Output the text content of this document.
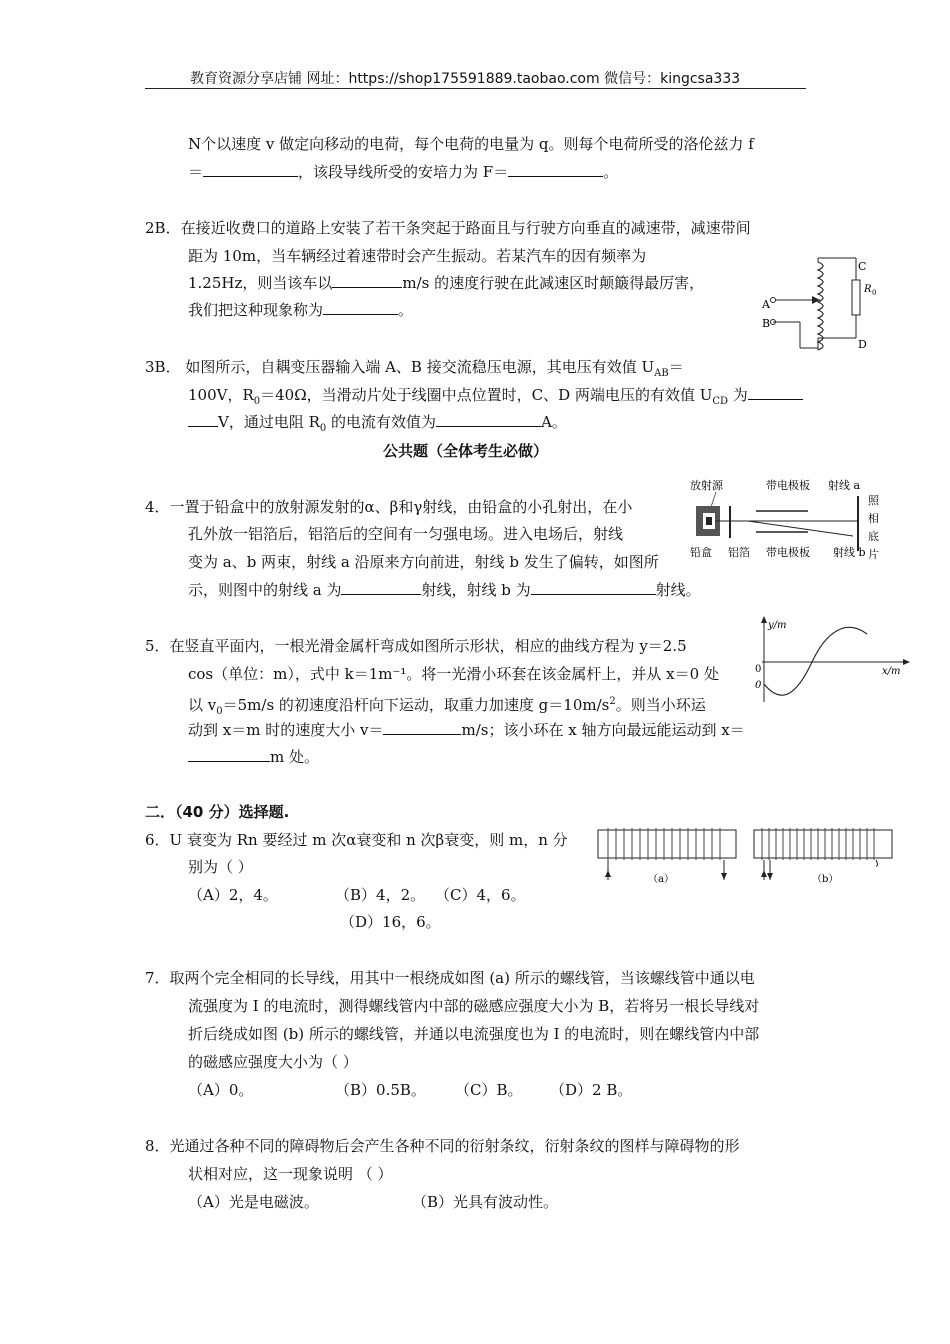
教育资源分享店铺 网址：https://shop175591889.taobao.com 微信号：kingcsa333
N个以速度 v 做定向移动的电荷，每个电荷的电量为 q。则每个电荷所受的洛伦兹力 f
＝	，该段导线所受的安培力为 F＝	。
2B．在接近收费口的道路上安装了若干条突起于路面且与行驶方向垂直的减速带，减速带间
距为 10m，当车辆经过着速带时会产生振动。若某汽车的因有频率为
1.25Hz，则当该车以	m/s 的速度行驶在此减速区时颠簸得最厉害，
我们把这种现象称为	。
C
R 0
A
B
D
3B． 如图所示，自耦变压器输入端 A、B 接交流稳压电源，其电压有效值 $U_{AB}=$
100V，$R_0=40\Omega$，当滑动片处于线圈中点位置时，C、D 两端电压的有效值 $U_{CD}$ 为
V，通过电阻 $R_0$ 的电流有效值为	A。
公共题（全体考生必做）
4．一置于铅盒中的放射源发射的α、β和γ射线，由铅盒的小孔射出，在小
孔外放一铝箔后，铝箔后的空间有一匀强电场。进入电场后，射线
变为 a、b 两束，射线 a 沿原来方向前进，射线 b 发生了偏转，如图所
示，则图中的射线 a 为	射线，射线 b 为	射线。
放射源	带电极板 射线 a
铅盒 铝箔 带电极板 射线 b
照
相
底
片
5．在竖直平面内，一根光滑金属杆弯成如图所示形状，相应的曲线方程为 y＝2.5
cos（单位：m），式中 k＝1m⁻¹。将一光滑小环套在该金属杆上，并从 x＝0 处
以 $v_0=5m/s$ 的初速度沿杆向下运动，取重力加速度 $g=10m/s^2$。则当小环运
动到 x＝m 时的速度大小 v＝	m/s；该小环在 x 轴方向最远能运动到 x＝
m 处。
y/m
x/m
0
0
二．（40 分）选择题.
6．U 衰变为 Rn 要经过 m 次α衰变和 n 次β衰变，则 m，n 分
别为（ ）
（A）2，4。	（B）4，2。 （C）4，6。
（D）16，6。
（a）	（b）
7．取两个完全相同的长导线，用其中一根绕成如图 (a) 所示的螺线管，当该螺线管中通以电
流强度为 I 的电流时，测得螺线管内中部的磁感应强度大小为 B，若将另一根长导线对
折后绕成如图 (b) 所示的螺线管，并通以电流强度也为 I 的电流时，则在螺线管内中部
的磁感应强度大小为（ ）
（A）0。	（B）0.5B。 （C）B。 （D）2 B。
8．光通过各种不同的障碍物后会产生各种不同的衍射条纹，衍射条纹的图样与障碍物的形
状相对应，这一现象说明 （ ）
（A）光是电磁波。	（B）光具有波动性。
